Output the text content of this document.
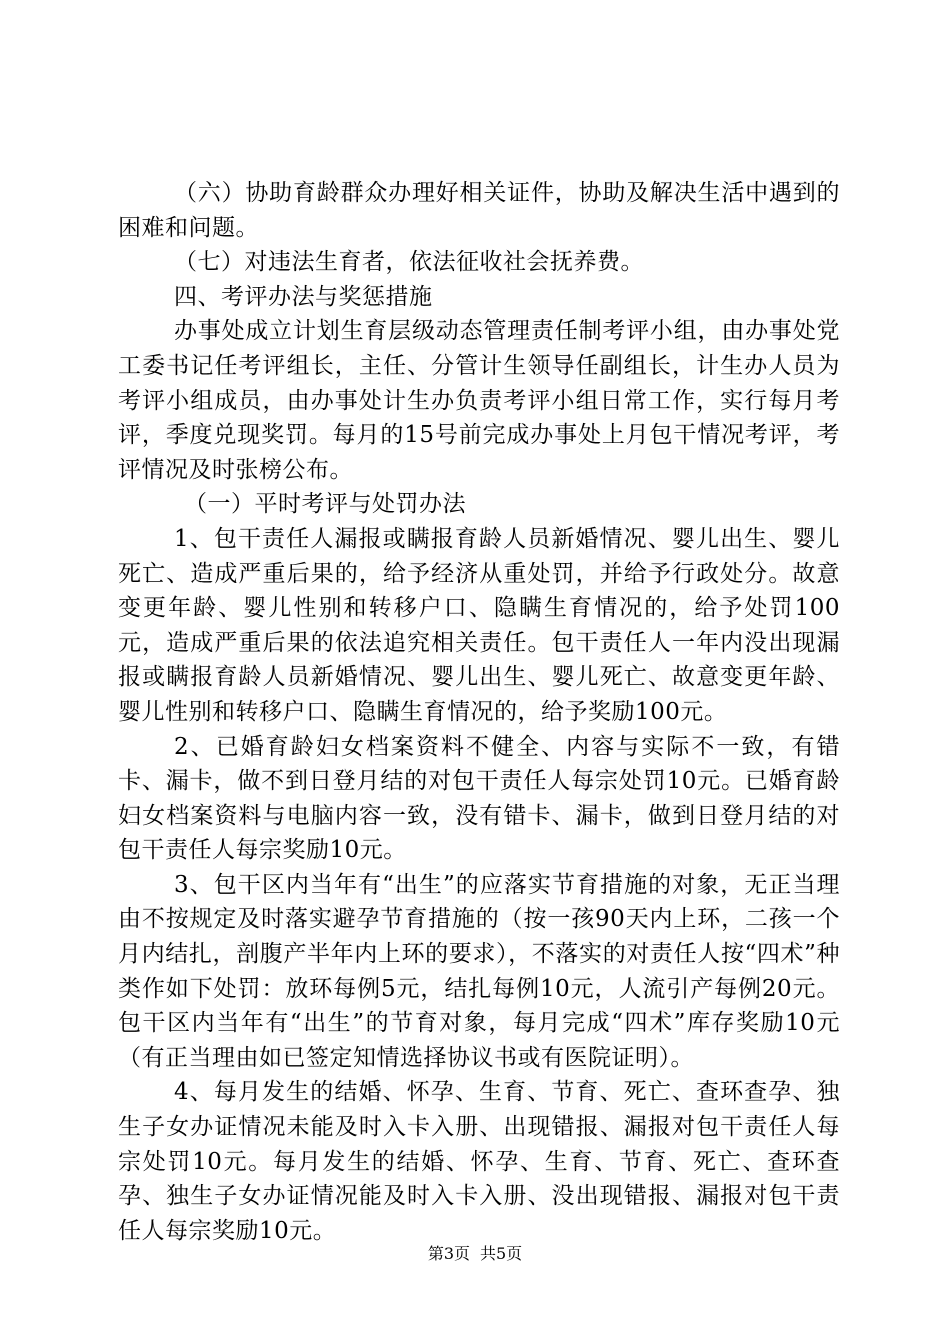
（六）协助育龄群众办理好相关证件，协助及解决生活中遇到的困难和问题。

（七）对违法生育者，依法征收社会抚养费。

四、考评办法与奖惩措施

办事处成立计划生育层级动态管理责任制考评小组，由办事处党工委书记任考评组长，主任、分管计生领导任副组长，计生办人员为考评小组成员，由办事处计生办负责考评小组日常工作，实行每月考评，季度兑现奖罚。每月的15号前完成办事处上月包干情况考评，考评情况及时张榜公布。

（一）平时考评与处罚办法

1、包干责任人漏报或瞒报育龄人员新婚情况、婴儿出生、婴儿死亡、造成严重后果的，给予经济从重处罚，并给予行政处分。故意变更年龄、婴儿性别和转移户口、隐瞒生育情况的，给予处罚100元，造成严重后果的依法追究相关责任。包干责任人一年内没出现漏报或瞒报育龄人员新婚情况、婴儿出生、婴儿死亡、故意变更年龄、婴儿性别和转移户口、隐瞒生育情况的，给予奖励100元。

2、已婚育龄妇女档案资料不健全、内容与实际不一致，有错卡、漏卡，做不到日登月结的对包干责任人每宗处罚10元。已婚育龄妇女档案资料与电脑内容一致，没有错卡、漏卡，做到日登月结的对包干责任人每宗奖励10元。

3、包干区内当年有“出生”的应落实节育措施的对象，无正当理由不按规定及时落实避孕节育措施的（按一孩90天内上环，二孩一个月内结扎，剖腹产半年内上环的要求），不落实的对责任人按“四术”种类作如下处罚：放环每例5元，结扎每例10元，人流引产每例20元。包干区内当年有“出生”的节育对象，每月完成“四术”库存奖励10元（有正当理由如已签定知情选择协议书或有医院证明）。

4、每月发生的结婚、怀孕、生育、节育、死亡、查环查孕、独生子女办证情况未能及时入卡入册、出现错报、漏报对包干责任人每宗处罚10元。每月发生的结婚、怀孕、生育、节育、死亡、查环查孕、独生子女办证情况能及时入卡入册、没出现错报、漏报对包干责任人每宗奖励10元。

第3页 共5页
